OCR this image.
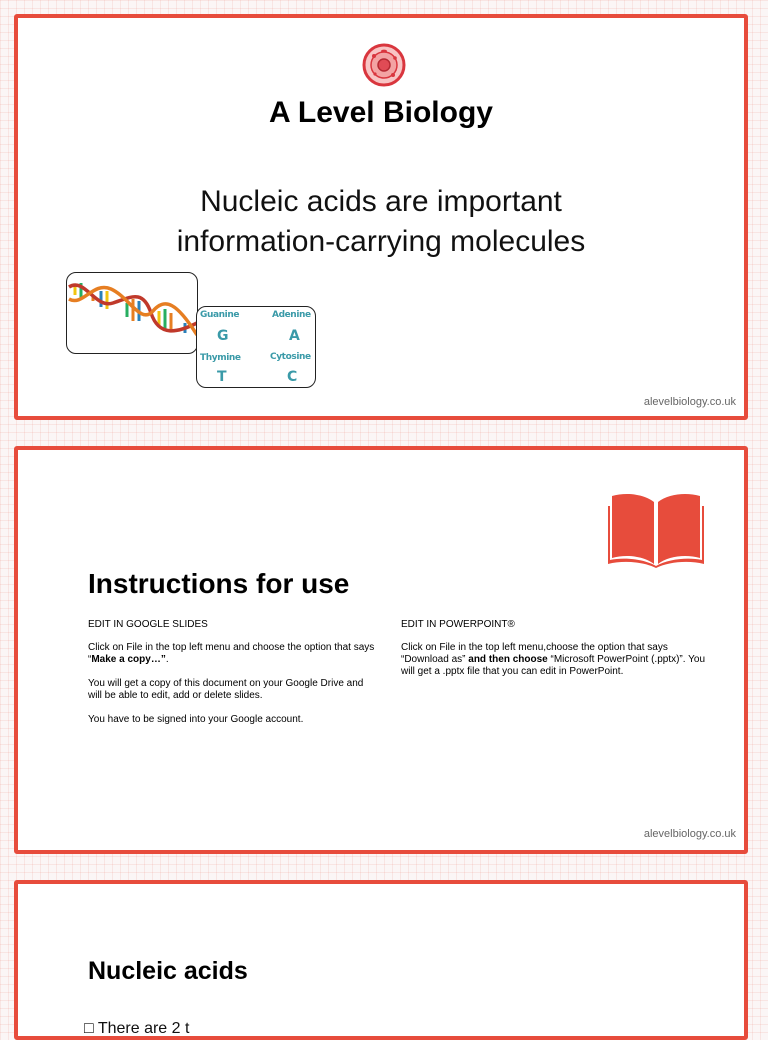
A Level Biology
Nucleic acids are important
information-carrying molecules
Guanine	Adenine
G	A
Thymine	Cytosine
T	C
alevelbiology.co.uk
Instructions for use

EDIT IN GOOGLE SLIDES

Click on File in the top left menu and choose the option that says “Make a copy…”.

You will get a copy of this document on your Google Drive and will be able to edit, add or delete slides.

You have to be signed into your Google account.

EDIT IN POWERPOINT®

Click on File in the top left menu,choose the option that says “Download as” and then choose “Microsoft PowerPoint (.pptx)”. You will get a .pptx file that you can edit in PowerPoint.

alevelbiology.co.uk
Nucleic acids
□ There are 2 t
